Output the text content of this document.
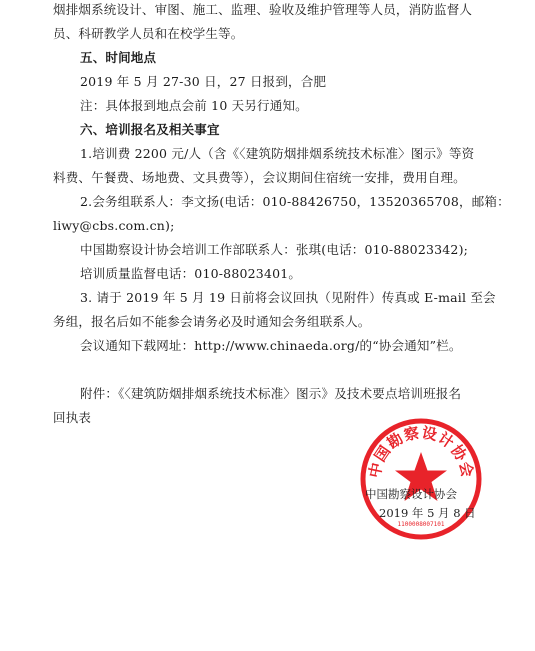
烟排烟系统设计、审图、施工、监理、验收及维护管理等人员，消防监督人
员、科研教学人员和在校学生等。
五、时间地点
2019 年 5 月 27-30 日，27 日报到，合肥
注：具体报到地点会前 10 天另行通知。
六、培训报名及相关事宜
1.培训费 2200 元/人（含《〈建筑防烟排烟系统技术标准〉图示》等资
料费、午餐费、场地费、文具费等），会议期间住宿统一安排，费用自理。
2.会务组联系人：李文扬(电话：010-88426750，13520365708，邮箱：
liwy@cbs.com.cn);
中国勘察设计协会培训工作部联系人：张琪(电话：010-88023342);
培训质量监督电话：010-88023401。
3. 请于 2019 年 5 月 19 日前将会议回执（见附件）传真或 E-mail 至会
务组，报名后如不能参会请务必及时通知会务组联系人。
会议通知下载网址：http://www.chinaeda.org/的“协会通知”栏。
附件：《〈建筑防烟排烟系统技术标准〉图示》及技术要点培训班报名
回执表
中国勘察设计协会
1100008007101
中国勘察设计协会
2019 年 5 月 8 日
